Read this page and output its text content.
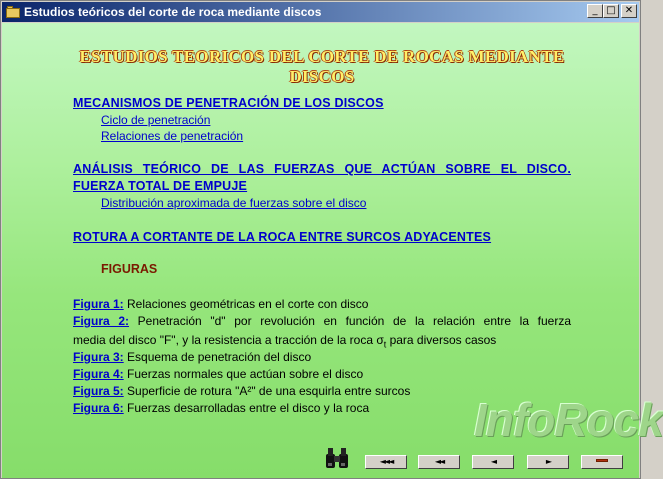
Estudios teóricos del corte de roca mediante discos	_ □ ✕
ESTUDIOS TEORICOS DEL CORTE DE ROCAS MEDIANTE
DISCOS
MECANISMOS DE PENETRACIÓN DE LOS DISCOS
Ciclo de penetración
Relaciones de penetración
ANÁLISIS TEÓRICO DE LAS FUERZAS QUE ACTÚAN SOBRE EL DISCO.
FUERZA TOTAL DE EMPUJE
Distribución aproximada de fuerzas sobre el disco
ROTURA A CORTANTE DE LA ROCA ENTRE SURCOS ADYACENTES
FIGURAS
Figura 1: Relaciones geométricas en el corte con disco
Figura 2: Penetración "d" por revolución en función de la relación entre la fuerza
media del disco "F", y la resistencia a tracción de la roca $\sigma_t$ para diversos casos
Figura 3: Esquema de penetración del disco
Figura 4: Fuerzas normales que actúan sobre el disco
Figura 5: Superficie de rotura "A²" de una esquirla entre surcos
Figura 6: Fuerzas desarrolladas entre el disco y la roca	InfoRock
◄◄◄	◄◄	◄	►
